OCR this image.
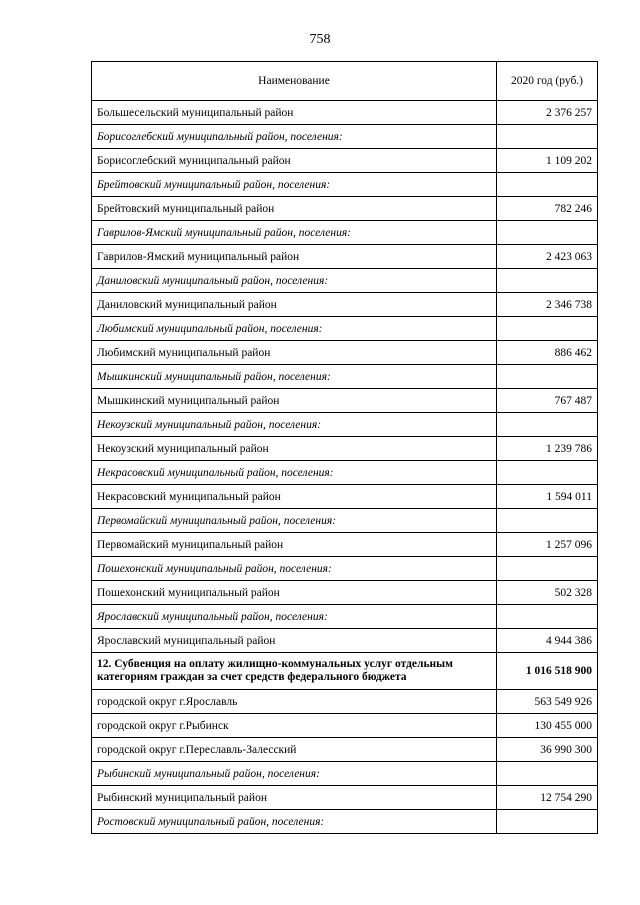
758
Наименование	2020 год (руб.)
Большесельский муниципальный район	2 376 257
Борисоглебский муниципальный район, поселения:	
Борисоглебский муниципальный район	1 109 202
Брейтовский муниципальный район, поселения:	
Брейтовский муниципальный район	782 246
Гаврилов-Ямский муниципальный район, поселения:	
Гаврилов-Ямский муниципальный район	2 423 063
Даниловский муниципальный район, поселения:	
Даниловский муниципальный район	2 346 738
Любимский муниципальный район, поселения:	
Любимский муниципальный район	886 462
Мышкинский муниципальный район, поселения:	
Мышкинский муниципальный район	767 487
Некоузский муниципальный район, поселения:	
Некоузский муниципальный район	1 239 786
Некрасовский муниципальный район, поселения:	
Некрасовский муниципальный район	1 594 011
Первомайский муниципальный район, поселения:	
Первомайский муниципальный район	1 257 096
Пошехонский муниципальный район, поселения:	
Пошехонский муниципальный район	502 328
Ярославский муниципальный район, поселения:	
Ярославский муниципальный район	4 944 386
12. Субвенция на оплату жилищно-коммунальных услуг отдельным категориям граждан за счет средств федерального бюджета	1 016 518 900
городской округ г.Ярославль	563 549 926
городской округ г.Рыбинск	130 455 000
городской округ г.Переславль-Залесский	36 990 300
Рыбинский муниципальный район, поселения:	
Рыбинский муниципальный район	12 754 290
Ростовский муниципальный район, поселения:	
